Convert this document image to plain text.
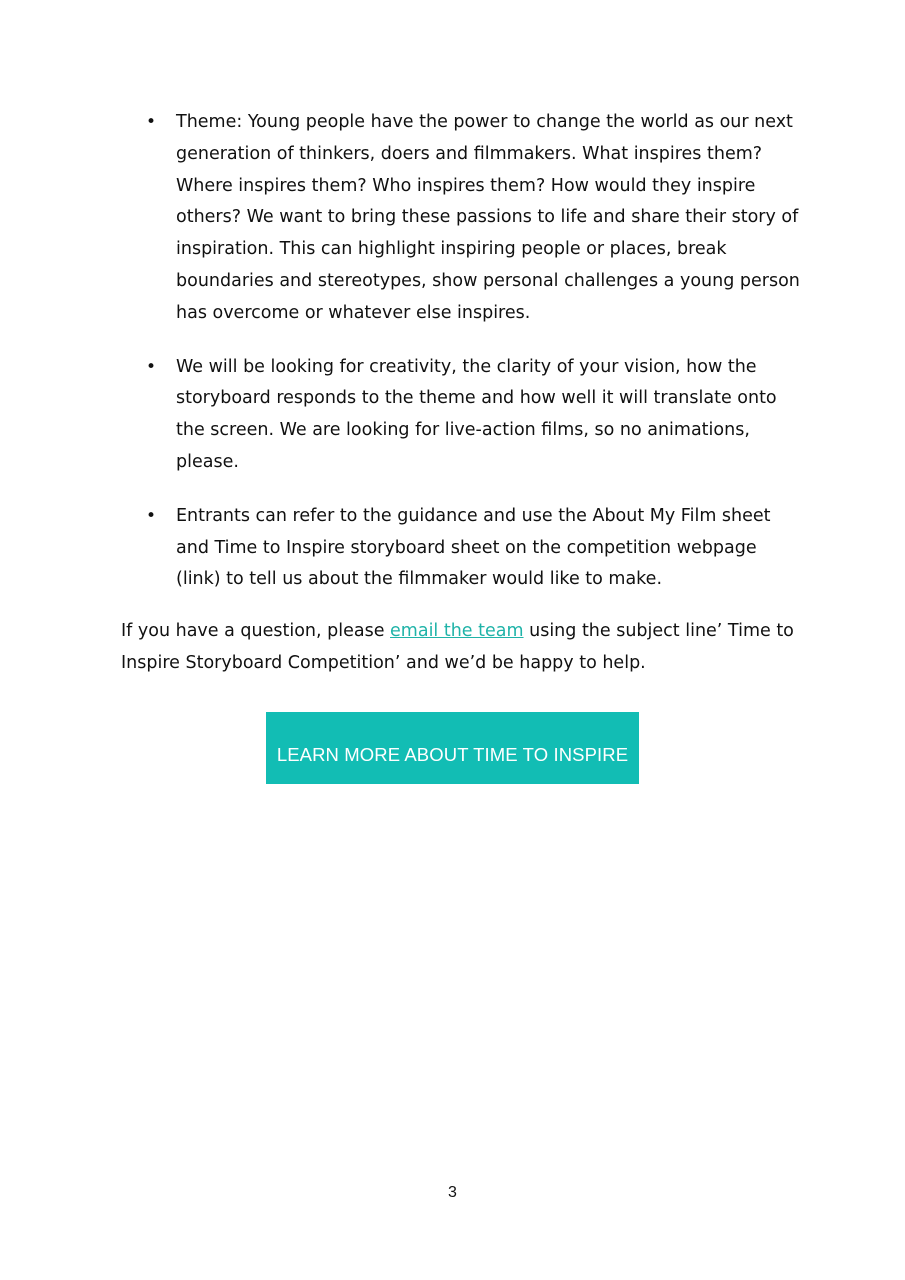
• Theme: Young people have the power to change the world as our next generation of thinkers, doers and filmmakers. What inspires them? Where inspires them? Who inspires them? How would they inspire others? We want to bring these passions to life and share their story of inspiration. This can highlight inspiring people or places, break boundaries and stereotypes, show personal challenges a young person has overcome or whatever else inspires.
• We will be looking for creativity, the clarity of your vision, how the storyboard responds to the theme and how well it will translate onto the screen. We are looking for live-action films, so no animations, please.
• Entrants can refer to the guidance and use the About My Film sheet and Time to Inspire storyboard sheet on the competition webpage (link) to tell us about the filmmaker would like to make.

If you have a question, please email the team using the subject line’ Time to Inspire Storyboard Competition’ and we’d be happy to help.

LEARN MORE ABOUT TIME TO INSPIRE
3
